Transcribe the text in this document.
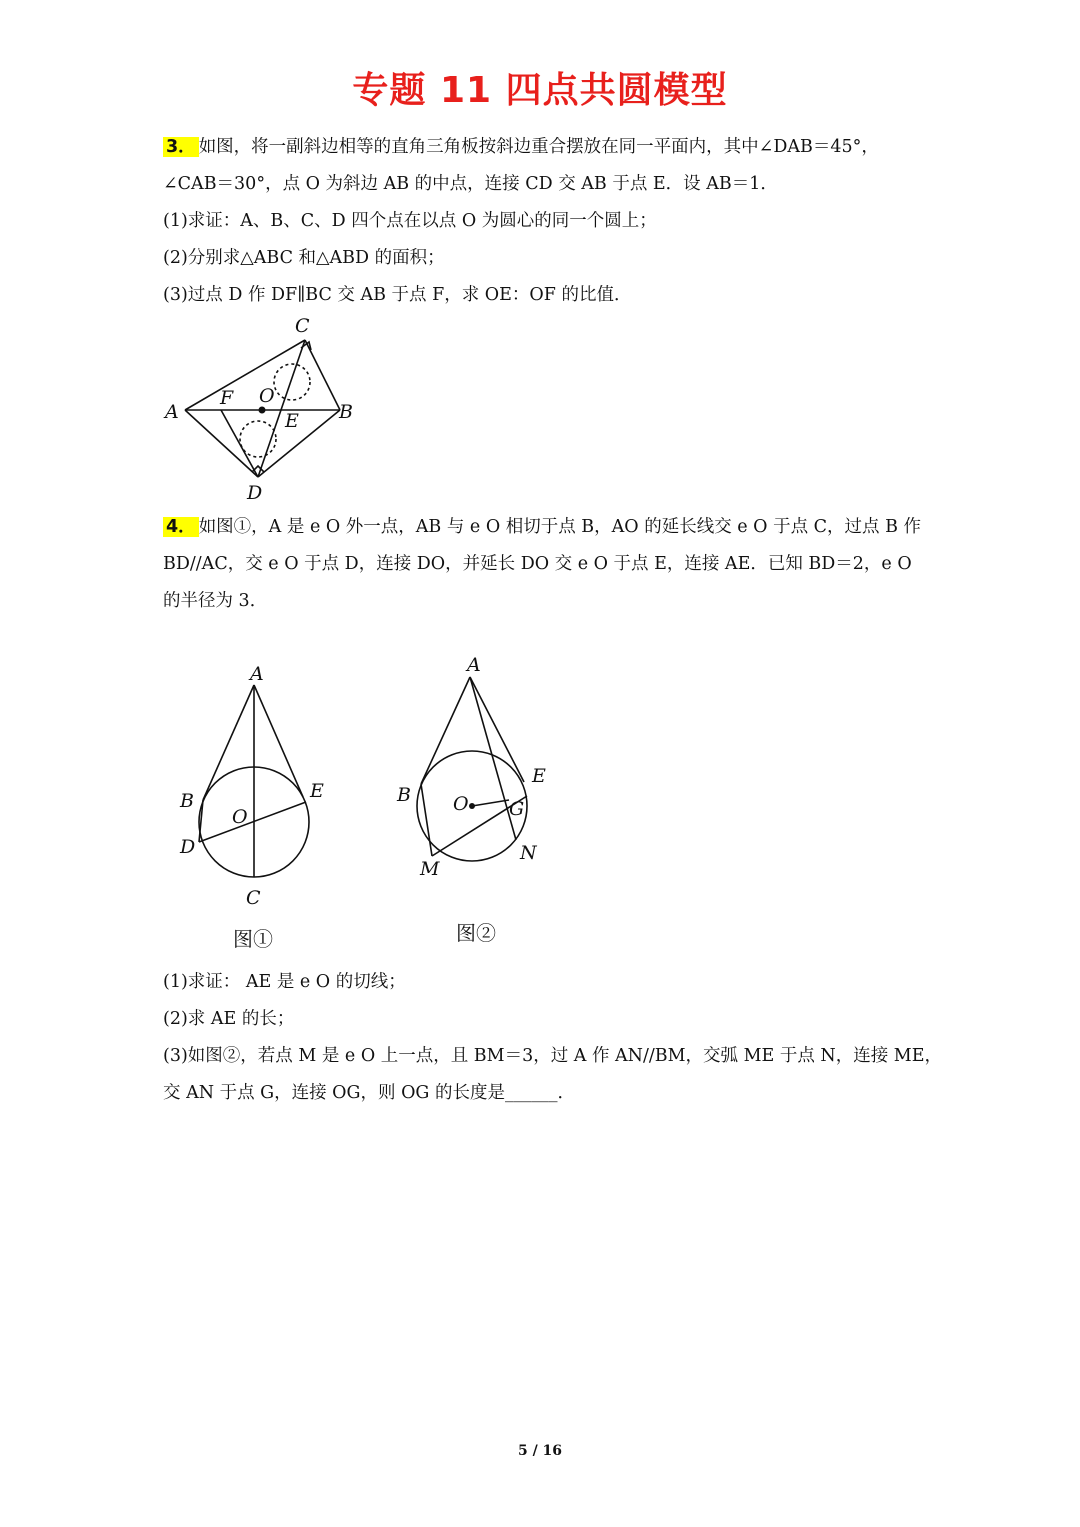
专题 11 四点共圆模型
3． 如图，将一副斜边相等的直角三角板按斜边重合摆放在同一平面内，其中∠DAB＝45°，
∠CAB＝30°，点 O 为斜边 AB 的中点，连接 CD 交 AB 于点 E．设 AB＝1．
(1)求证：A、B、C、D 四个点在以点 O 为圆心的同一个圆上；
(2)分别求△ABC 和△ABD 的面积；
(3)过点 D 作 DF∥BC 交 AB 于点 F，求 OE：OF 的比值．
C
A
F O
E B
D
4． 如图①，A 是 e O 外一点，AB 与 e O 相切于点 B，AO 的延长线交 e O 于点 C，过点 B 作
BD//AC，交 e O 于点 D，连接 DO，并延长 DO 交 e O 于点 E，连接 AE．已知 BD＝2，e O
的半径为 3．
A
B	E
O
D
C
图①
A
E
B O G
N
M
图②
(1)求证： AE 是 e O 的切线；
(2)求 AE 的长；
(3)如图②，若点 M 是 e O 上一点，且 BM＝3，过 A 作 AN//BM，交弧 ME 于点 N，连接 ME，
交 AN 于点 G，连接 OG，则 OG 的长度是______．
5 / 16
